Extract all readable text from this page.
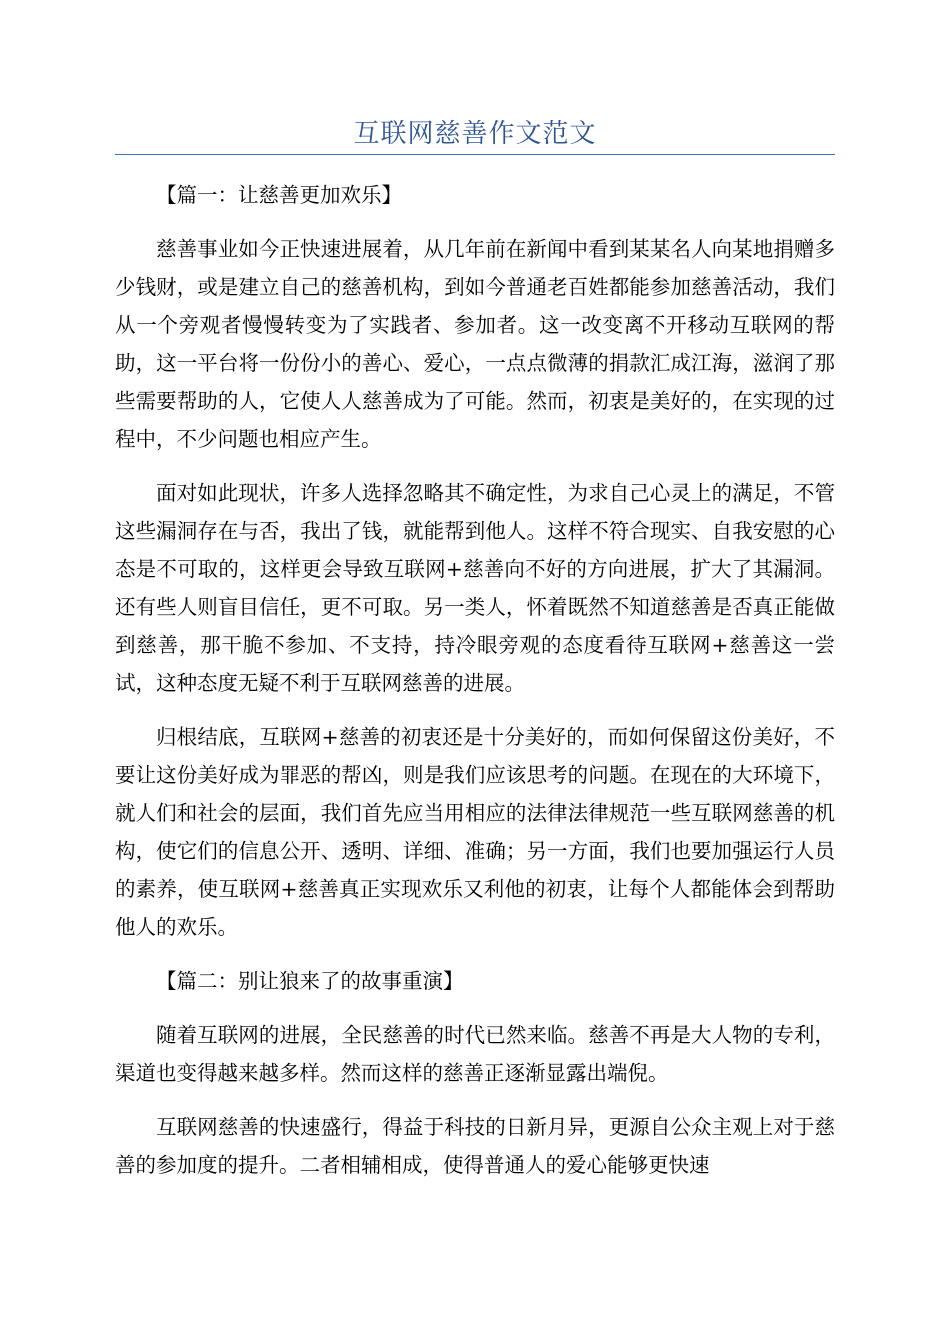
互联网慈善作文范文

【篇一：让慈善更加欢乐】

慈善事业如今正快速进展着，从几年前在新闻中看到某某名人向某地捐赠多少钱财，或是建立自己的慈善机构，到如今普通老百姓都能参加慈善活动，我们从一个旁观者慢慢转变为了实践者、参加者。这一改变离不开移动互联网的帮助，这一平台将一份份小的善心、爱心，一点点微薄的捐款汇成江海，滋润了那些需要帮助的人，它使人人慈善成为了可能。然而，初衷是美好的，在实现的过程中，不少问题也相应产生。

面对如此现状，许多人选择忽略其不确定性，为求自己心灵上的满足，不管这些漏洞存在与否，我出了钱，就能帮到他人。这样不符合现实、自我安慰的心态是不可取的，这样更会导致互联网+慈善向不好的方向进展，扩大了其漏洞。还有些人则盲目信任，更不可取。另一类人，怀着既然不知道慈善是否真正能做到慈善，那干脆不参加、不支持，持冷眼旁观的态度看待互联网+慈善这一尝试，这种态度无疑不利于互联网慈善的进展。

归根结底，互联网+慈善的初衷还是十分美好的，而如何保留这份美好，不要让这份美好成为罪恶的帮凶，则是我们应该思考的问题。在现在的大环境下，就人们和社会的层面，我们首先应当用相应的法律法律规范一些互联网慈善的机构，使它们的信息公开、透明、详细、准确；另一方面，我们也要加强运行人员的素养，使互联网+慈善真正实现欢乐又利他的初衷，让每个人都能体会到帮助他人的欢乐。

【篇二：别让狼来了的故事重演】

随着互联网的进展，全民慈善的时代已然来临。慈善不再是大人物的专利，渠道也变得越来越多样。然而这样的慈善正逐渐显露出端倪。

互联网慈善的快速盛行，得益于科技的日新月异，更源自公众主观上对于慈善的参加度的提升。二者相辅相成，使得普通人的爱心能够更快速
